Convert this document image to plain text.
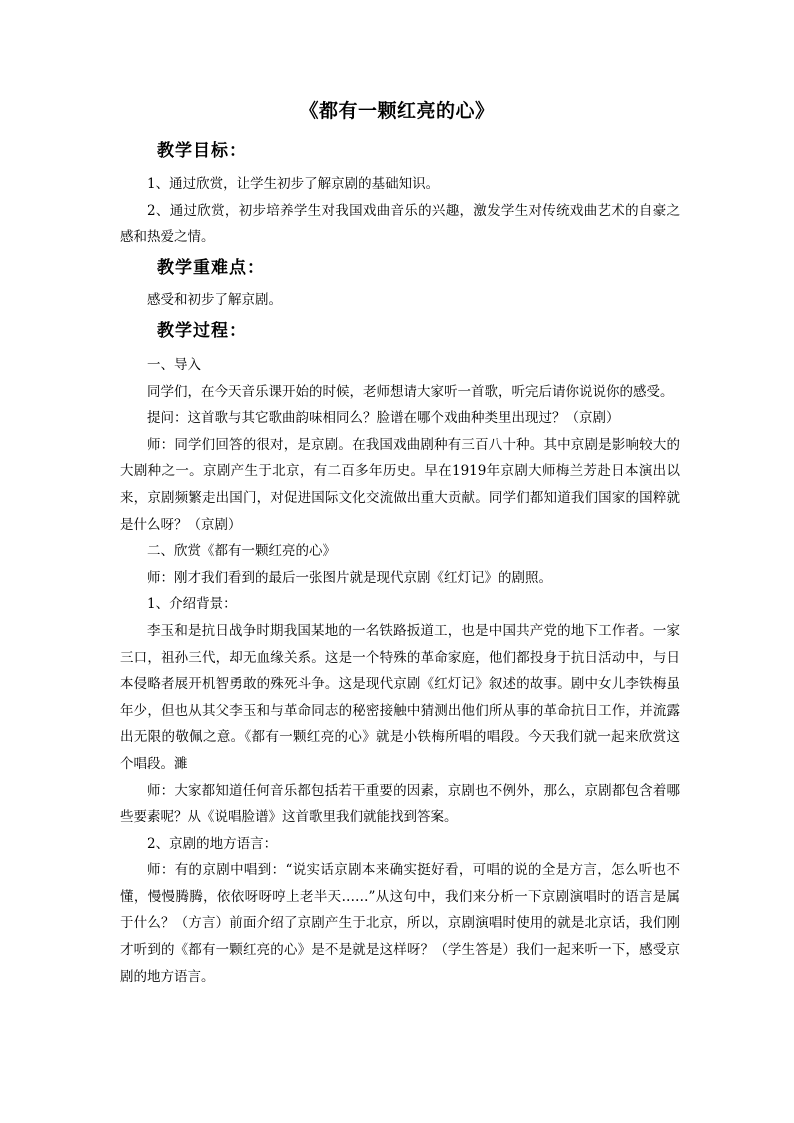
《都有一颗红亮的心》
教学目标：

1、通过欣赏，让学生初步了解京剧的基础知识。

2、通过欣赏，初步培养学生对我国戏曲音乐的兴趣，激发学生对传统戏曲艺术的自豪之感和热爱之情。

教学重难点：

感受和初步了解京剧。

教学过程：

一、导入

同学们，在今天音乐课开始的时候，老师想请大家听一首歌，听完后请你说说你的感受。

提问：这首歌与其它歌曲韵味相同么？脸谱在哪个戏曲种类里出现过？（京剧）

师：同学们回答的很对，是京剧。在我国戏曲剧种有三百八十种。其中京剧是影响较大的大剧种之一。京剧产生于北京，有二百多年历史。早在1919年京剧大师梅兰芳赴日本演出以来，京剧频繁走出国门，对促进国际文化交流做出重大贡献。同学们都知道我们国家的国粹就是什么呀？（京剧）

二、欣赏《都有一颗红亮的心》

师：刚才我们看到的最后一张图片就是现代京剧《红灯记》的剧照。

1、介绍背景：

李玉和是抗日战争时期我国某地的一名铁路扳道工，也是中国共产党的地下工作者。一家三口，祖孙三代，却无血缘关系。这是一个特殊的革命家庭，他们都投身于抗日活动中，与日本侵略者展开机智勇敢的殊死斗争。这是现代京剧《红灯记》叙述的故事。剧中女儿李铁梅虽年少，但也从其父李玉和与革命同志的秘密接触中猜测出他们所从事的革命抗日工作，并流露出无限的敬佩之意。《都有一颗红亮的心》就是小铁梅所唱的唱段。今天我们就一起来欣赏这个唱段。濉

师：大家都知道任何音乐都包括若干重要的因素，京剧也不例外，那么，京剧都包含着哪些要素呢？从《说唱脸谱》这首歌里我们就能找到答案。

2、京剧的地方语言：

师：有的京剧中唱到：“说实话京剧本来确实挺好看，可唱的说的全是方言，怎么听也不懂，慢慢腾腾，依依呀呀哼上老半天……”从这句中，我们来分析一下京剧演唱时的语言是属于什么？（方言）前面介绍了京剧产生于北京，所以，京剧演唱时使用的就是北京话，我们刚才听到的《都有一颗红亮的心》是不是就是这样呀？（学生答是）我们一起来听一下，感受京剧的地方语言。
